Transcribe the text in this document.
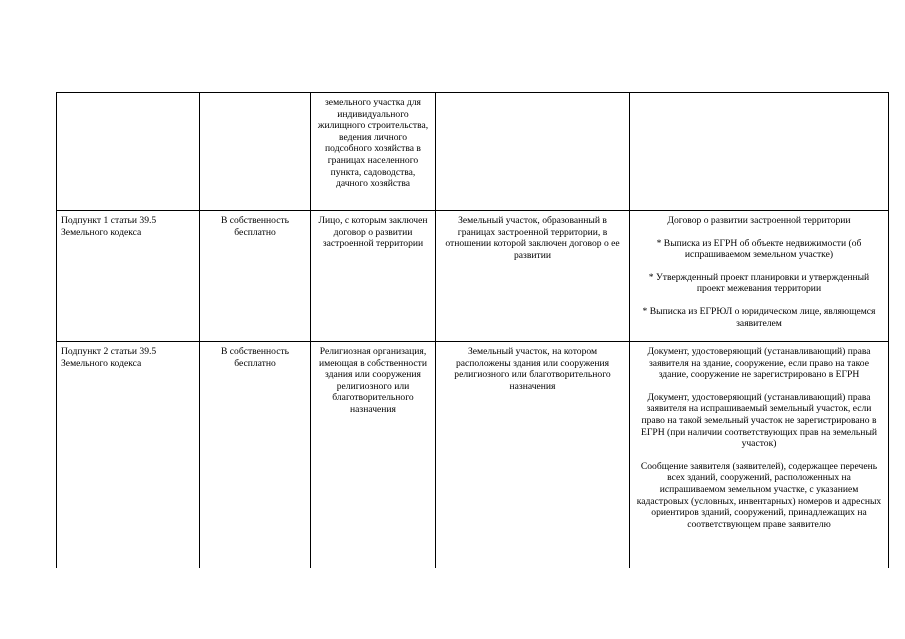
		земельного участка для индивидуального жилищного строительства, ведения личного подсобного хозяйства в границах населенного пункта, садоводства, дачного хозяйства		
Подпункт 1 статьи 39.5 Земельного кодекса	В собственность бесплатно	Лицо, с которым заключен договор о развитии застроенной территории	Земельный участок, образованный в границах застроенной территории, в отношении которой заключен договор о ее развитии	Договор о развитии застроенной территории

* Выписка из ЕГРН об объекте недвижимости (об испрашиваемом земельном участке)

* Утвержденный проект планировки и утвержденный проект межевания территории

* Выписка из ЕГРЮЛ о юридическом лице, являющемся заявителем

Подпункт 2 статьи 39.5 Земельного кодекса	В собственность бесплатно	Религиозная организация, имеющая в собственности здания или сооружения религиозного или благотворительного назначения	Земельный участок, на котором расположены здания или сооружения религиозного или благотворительного назначения	Документ, удостоверяющий (устанавливающий) права заявителя на здание, сооружение, если право на такое здание, сооружение не зарегистрировано в ЕГРН

Документ, удостоверяющий (устанавливающий) права заявителя на испрашиваемый земельный участок, если право на такой земельный участок не зарегистрировано в ЕГРН (при наличии соответствующих прав на земельный участок)

Сообщение заявителя (заявителей), содержащее перечень всех зданий, сооружений, расположенных на испрашиваемом земельном участке, с указанием кадастровых (условных, инвентарных) номеров и адресных ориентиров зданий, сооружений, принадлежащих на соответствующем праве заявителю
